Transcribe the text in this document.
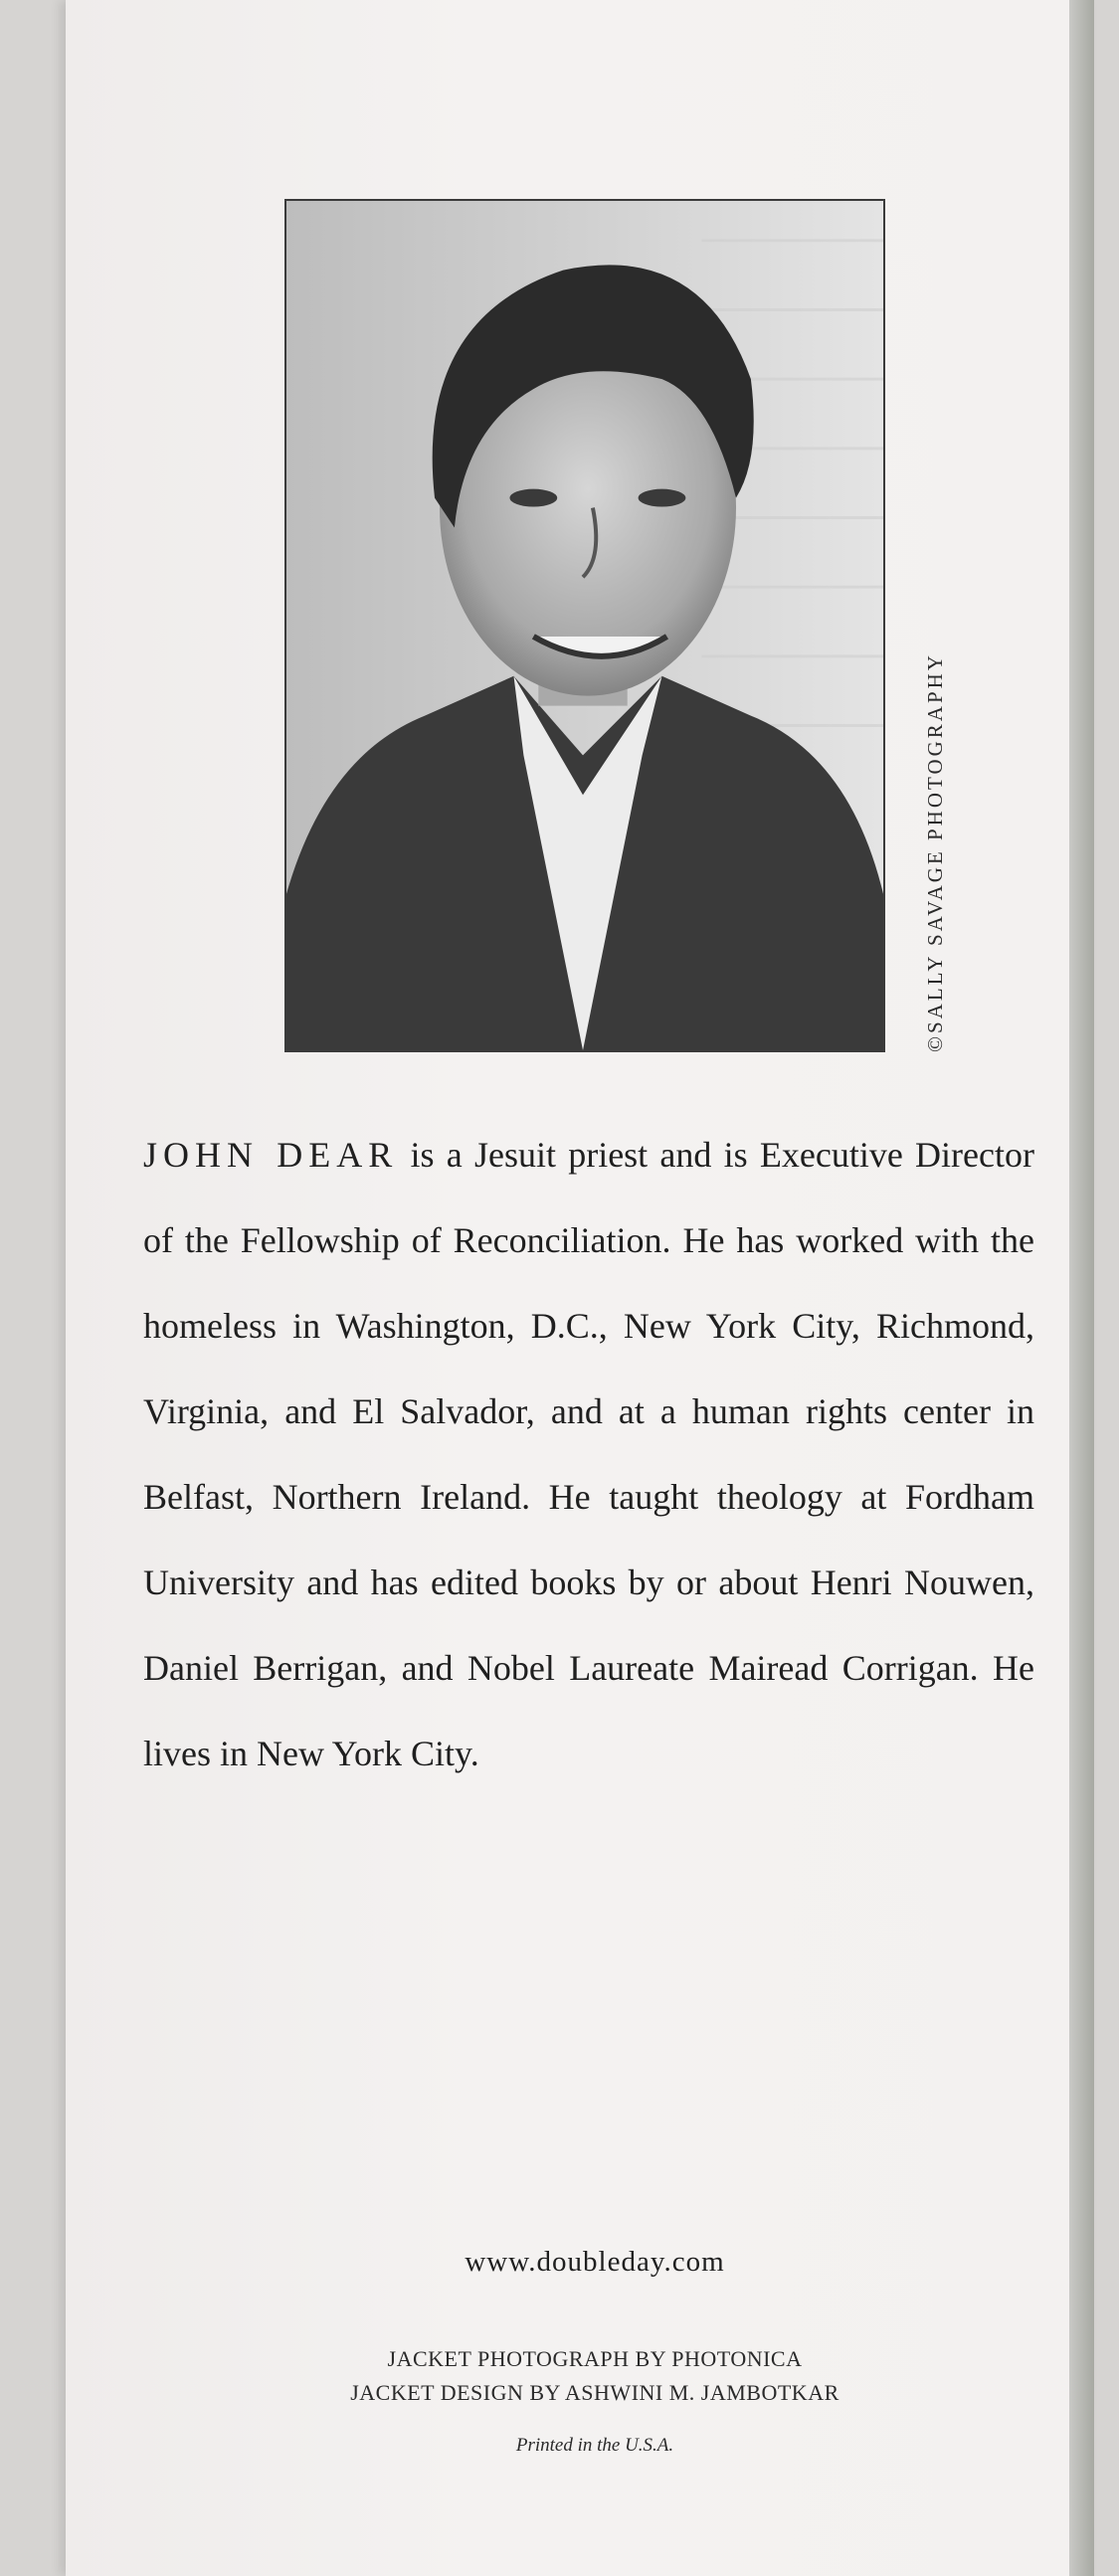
©SALLY SAVAGE PHOTOGRAPHY

JOHN DEAR is a Jesuit priest and is Executive Director of the Fellowship of Reconciliation. He has worked with the homeless in Washington, D.C., New York City, Richmond, Virginia, and El Salvador, and at a human rights center in Belfast, Northern Ireland. He taught theology at Fordham University and has edited books by or about Henri Nouwen, Daniel Berrigan, and Nobel Laureate Mairead Corrigan. He lives in New York City.

www.doubleday.com
JACKET PHOTOGRAPH BY PHOTONICA
JACKET DESIGN BY ASHWINI M. JAMBOTKAR
Printed in the U.S.A.
